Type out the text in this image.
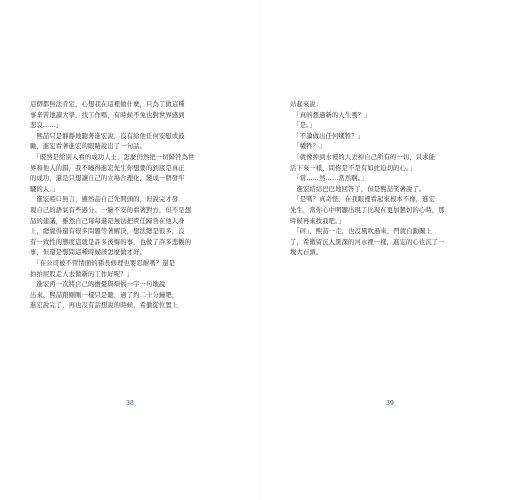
這個都無法肯定，心想我在這裡做什麼，只為了做這種
事辛苦地讀大學，找工作嗎，有時候不免也對世界感到
悲哀……」
　熙喆只是靜靜地聽著進宏說，沒有給他任何安慰或鼓
勵，進宏看著進宏的眼睛說出了一句話。
　「既然是給別人看的成功人士，怎麼仍然把一切歸咎為世
界和他人的錯，我不曉得進宏先生你想要的到底是真正
的成功，還是只想讓自己的立場合理化，變成一個發牢
騷的人。」
　進宏啞口無言，雖然喆自己先開頭的，但說完才發
現自己的語氣有些過分。一臉不安的看著對方，但不是想
喆的建議，雖然自己每每還是無法把責任歸咎在他人身
上，總覺得還有很多問題等著解決，想法總是很多，沒
有一致性的態度這就是許多後悔的事，也做了許多悲觀的
事，但還是想問這種時候該怎麼做才好。
　「在公司被不管情面的孫長修理也要忍耐嗎？還是
拍拍屁股走人去做新的工作好呢？」
　進宏再一次將自己的擔憂與煩惱一字一句地說
出來，熙喆跟剛剛一樣只是聽，過了約二十分鐘吧，
進宏說完了，再也沒有話想說的時候，希徽從位置上
38
站起來說：
　「真的想過新的人生嗎？」
　「是。」
　「不論做出任何犧牲？」
　「犧牲？」
　「就像掉到水裡的人丟掉自己所有的一切，只求能
活下來一樣，問你是不是有如此迫切的心。」
　「當……然……當然啊。」
　進宏結結巴巴地回答了，但是熙喆笑著說了。
　「是嗎？真奇怪，在我眼裡看起來根本不像，進宏
先生，當你心中明顯出現了比現在更加懇切的心時，那
時候再來找我吧。」
　「砰」，熙喆一走，也沒風吹過來，門就自動關上
了，希徽留沉入黑深的河水裡一樣，進宏的心也沉了一
塊大石頭。
39
